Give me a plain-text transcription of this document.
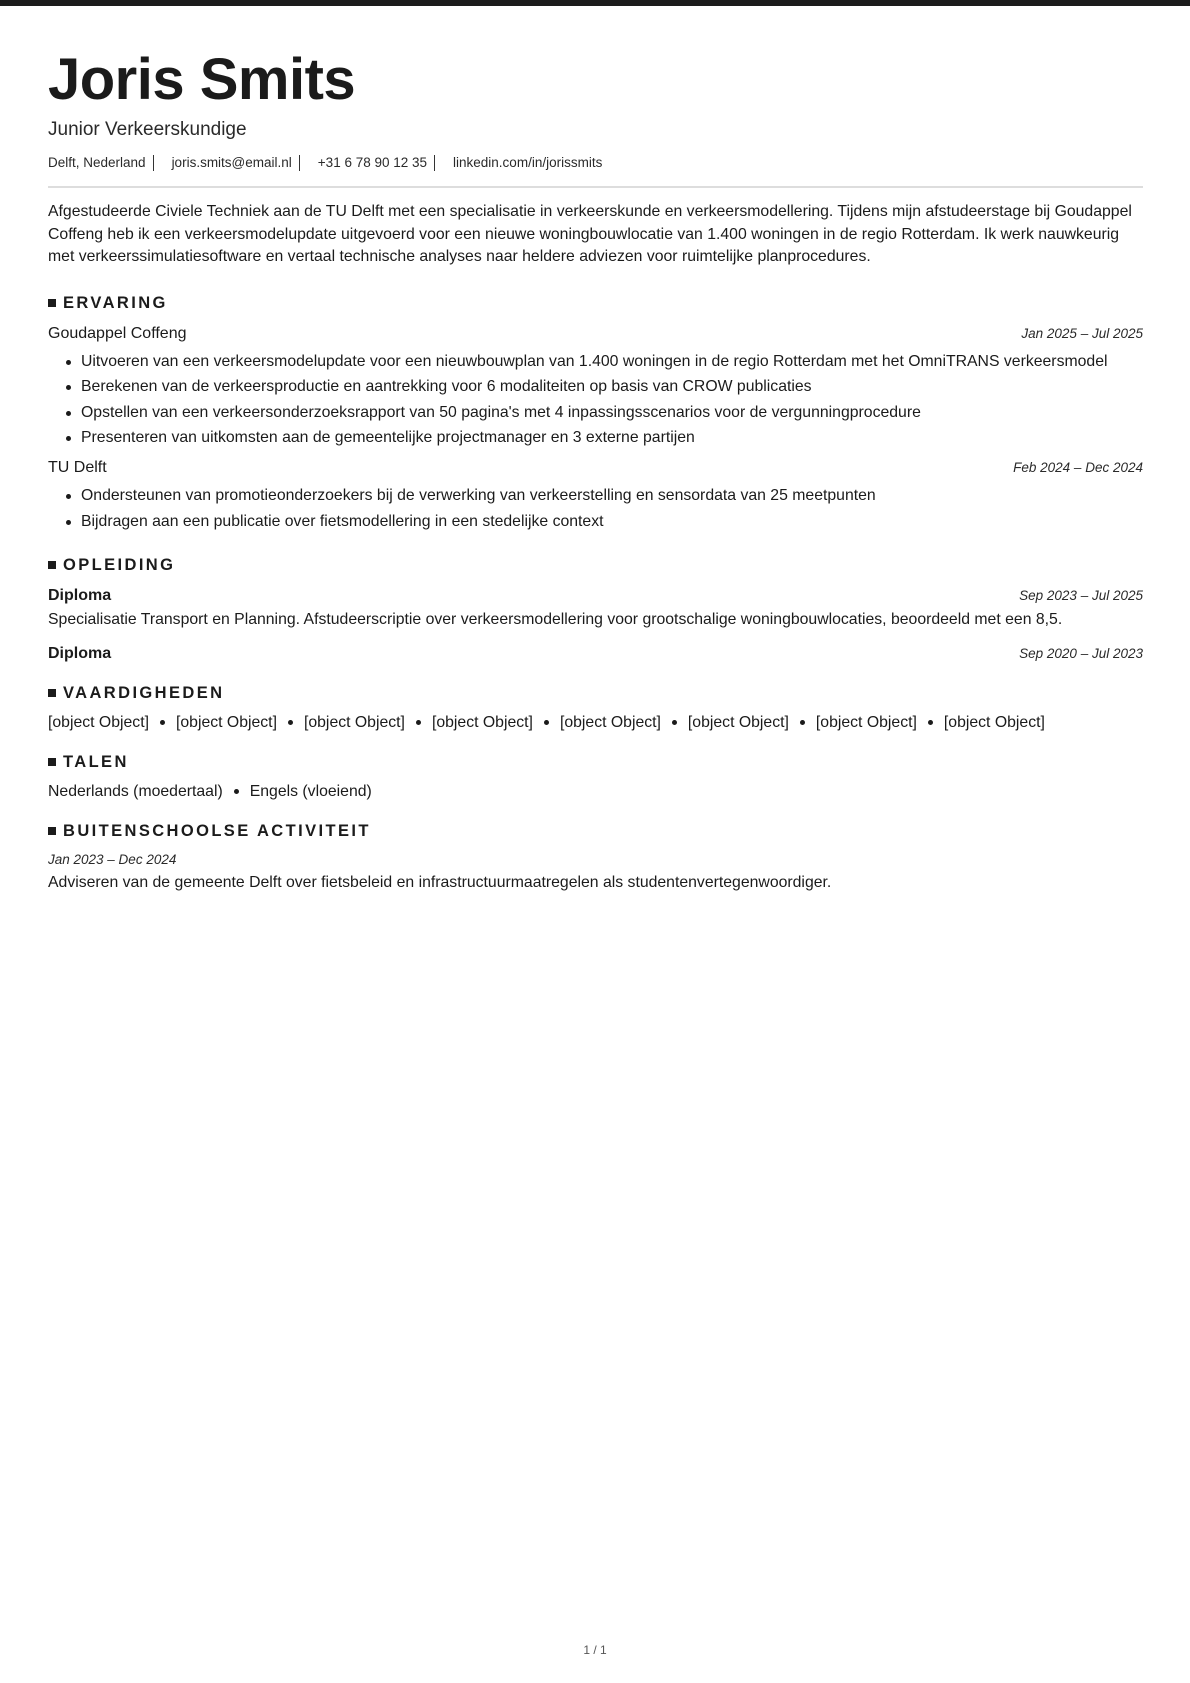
Joris Smits
Junior Verkeerskundige
Delft, Nederland joris.smits@email.nl +31 6 78 90 12 35 linkedin.com/in/jorissmits

Afgestudeerde Civiele Techniek aan de TU Delft met een specialisatie in verkeerskunde en verkeersmodellering. Tijdens mijn afstudeerstage bij Goudappel Coffeng heb ik een verkeersmodelupdate uitgevoerd voor een nieuwe woningbouwlocatie van 1.400 woningen in de regio Rotterdam. Ik werk nauwkeurig met verkeerssimulatiesoftware en vertaal technische analyses naar heldere adviezen voor ruimtelijke planprocedures.

ERVARING
Goudappel Coffeng	Jan 2025 – Jul 2025
Uitvoeren van een verkeersmodelupdate voor een nieuwbouwplan van 1.400 woningen in de regio Rotterdam met het OmniTRANS verkeersmodel
Berekenen van de verkeersproductie en aantrekking voor 6 modaliteiten op basis van CROW publicaties
Opstellen van een verkeersonderzoeksrapport van 50 pagina's met 4 inpassingsscenarios voor de vergunningprocedure
Presenteren van uitkomsten aan de gemeentelijke projectmanager en 3 externe partijen
TU Delft	Feb 2024 – Dec 2024
Ondersteunen van promotieonderzoekers bij de verwerking van verkeerstelling en sensordata van 25 meetpunten
Bijdragen aan een publicatie over fietsmodellering in een stedelijke context
OPLEIDING
Diploma	Sep 2023 – Jul 2025
Specialisatie Transport en Planning. Afstudeerscriptie over verkeersmodellering voor grootschalige woningbouwlocaties, beoordeeld met een 8,5.
Diploma	Sep 2020 – Jul 2023
VAARDIGHEDEN
[object Object] [object Object] [object Object] [object Object] [object Object] [object Object] [object Object] [object Object]
TALEN
Nederlands (moedertaal) Engels (vloeiend)
BUITENSCHOOLSE ACTIVITEIT
Jan 2023 – Dec 2024
Adviseren van de gemeente Delft over fietsbeleid en infrastructuurmaatregelen als studentenvertegenwoordiger.
1 / 1
